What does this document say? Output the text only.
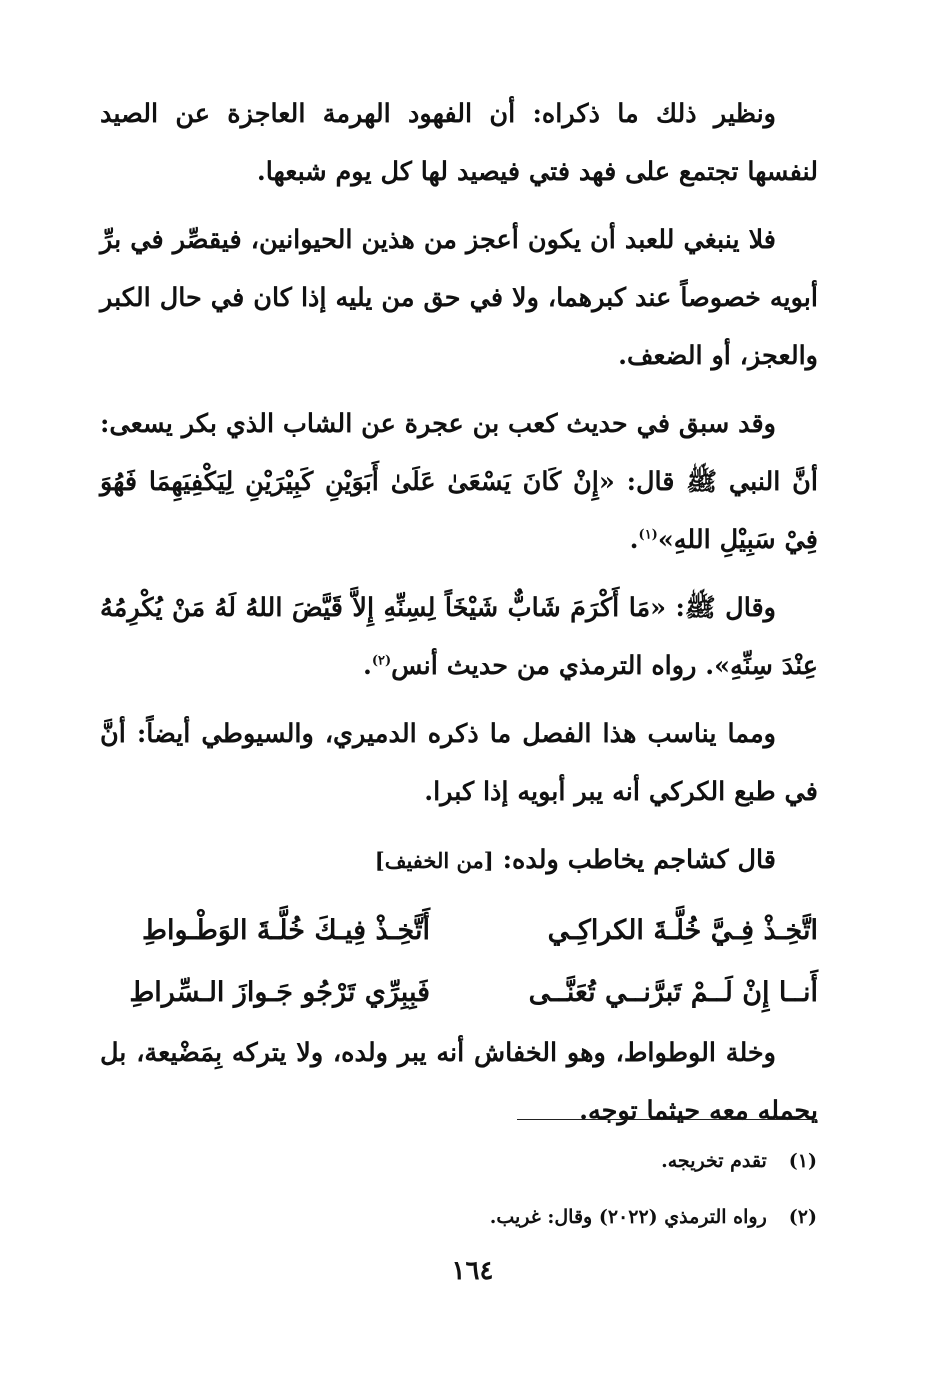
ونظير ذلك ما ذكراه: أن الفهود الهرمة العاجزة عن الصيد لنفسها تجتمع على فهد فتي فيصيد لها كل يوم شبعها.

فلا ينبغي للعبد أن يكون أعجز من هذين الحيوانين، فيقصِّر في برِّ أبويه خصوصاً عند كبرهما، ولا في حق من يليه إذا كان في حال الكبر والعجز، أو الضعف.

وقد سبق في حديث كعب بن عجرة عن الشاب الذي بكر يسعى: أنَّ النبي ﷺ قال: «إِنْ كَانَ يَسْعَىٰ عَلَىٰ أَبَوَيْنِ كَبِيْرَيْنِ لِيَكْفِيَهِمَا فَهُوَ فِيْ سَبِيْلِ اللهِ»$^{(١)}$.

وقال ﷺ: «مَا أَكْرَمَ شَابٌّ شَيْخَاً لِسِنِّهِ إِلاَّ قَيَّضَ اللهُ لَهُ مَنْ يُكْرِمُهُ عِنْدَ سِنِّهِ». رواه الترمذي من حديث أنس$^{(٢)}$.

ومما يناسب هذا الفصل ما ذكره الدميري، والسيوطي أيضاً: أنَّ في طبع الكركي أنه يبر أبويه إذا كبرا.

قال كشاجم يخاطب ولده: [من الخفيف]

اتَّخِـذْ فِـيَّ خُلَّـةَ الكراكِـي
أَتَّخِـذْ فِيـكَ خُلَّـةَ الوَطْـواطِ
أَنــا إِنْ لَــمْ تَبرَّنــي تُعَنَّــى
فَبِبِرِّي تَرْجُو جَـوازَ الـسِّراطِ

وخلة الوطواط، وهو الخفاش أنه يبر ولده، ولا يتركه بِمَضْيعة، بل يحمله معه حيثما توجه.

(١)تقدم تخريجه.
(٢)رواه الترمذي (٢٠٢٢) وقال: غريب.
١٦٤
